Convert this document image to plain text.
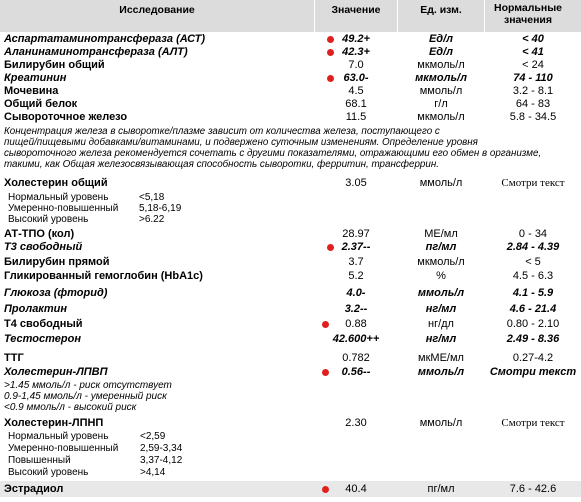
Исследование	Значение	Ед. изм.	Нормальные значения
Аспартатаминотрансфераза (АСТ)	49.2+	Ед/л	< 40
Аланинаминотрансфераза (АЛТ)	42.3+	Ед/л	< 41
Билирубин общий	7.0	мкмоль/л	< 24
Креатинин	63.0-	мкмоль/л	74 - 110
Мочевина	4.5	ммоль/л	3.2 - 8.1
Общий белок	68.1	г/л	64 - 83
Сывороточное железо	11.5	мкмоль/л	5.8 - 34.5
Концентрация железа в сыворотке/плазме зависит от количества железа, поступающего с
пищей/пищевыми добавками/витаминами, и подвержено суточным изменениям. Определение уровня
сывороточного железа рекомендуется сочетать с другими показателями, отражающими его обмен в организме,
такими, как Общая железосвязывающая способность сыворотки, ферритин, трансферрин.
Холестерин общий	3.05	ммоль/л	Смотри текст
Нормальный уровень	<5,18
Умеренно-повышенный 5,18-6,19
Высокий уровень	>6.22
АТ-ТПО (кол)	28.97	МЕ/мл	0 - 34
Т3 свободный	2.37--	пг/мл	2.84 - 4.39
Билирубин прямой	3.7	мкмоль/л	< 5
Гликированный гемоглобин (HbA1c)	5.2	%	4.5 - 6.3
Глюкоза (фторид)	4.0-	ммоль/л	4.1 - 5.9
Пролактин	3.2--	нг/мл	4.6 - 21.4
Т4 свободный	0.88	нг/дл	0.80 - 2.10
Тестостерон	42.600++	нг/мл	2.49 - 8.36
ТТГ	0.782	мкМЕ/мл	0.27-4.2
Холестерин-ЛПВП	0.56--	ммоль/л	Смотри текст
>1.45 ммоль/л - риск отсутствует
0.9-1,45 ммоль/л - умеренный риск
<0.9 ммоль/л - высокий риск
Холестерин-ЛПНП	2.30	ммоль/л	Смотри текст
Нормальный уровень	<2,59
Умеренно-повышенный 2,59-3,34
Повышенный	3,37-4,12
Высокий уровень	>4,14
Эстрадиол	40.4	пг/мл	7.6 - 42.6
